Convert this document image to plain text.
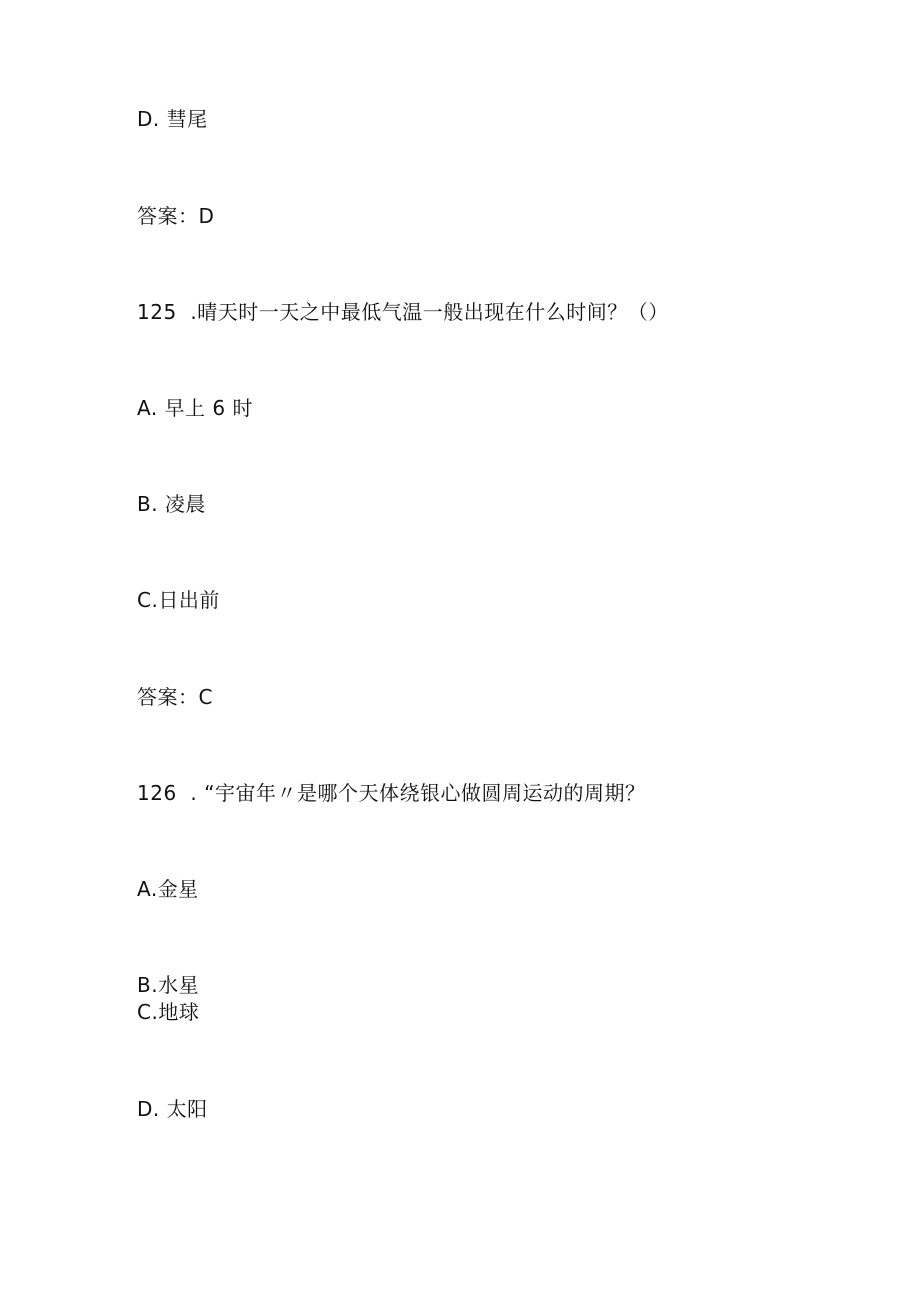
D. 彗尾
答案：D
125  .晴天时一天之中最低气温一般出现在什么时间？（）
A. 早上 6 时
B. 凌晨
C.日出前
答案：C
126  . “宇宙年〃是哪个天体绕银心做圆周运动的周期？
A.金星
B.水星
C.地球
D. 太阳
